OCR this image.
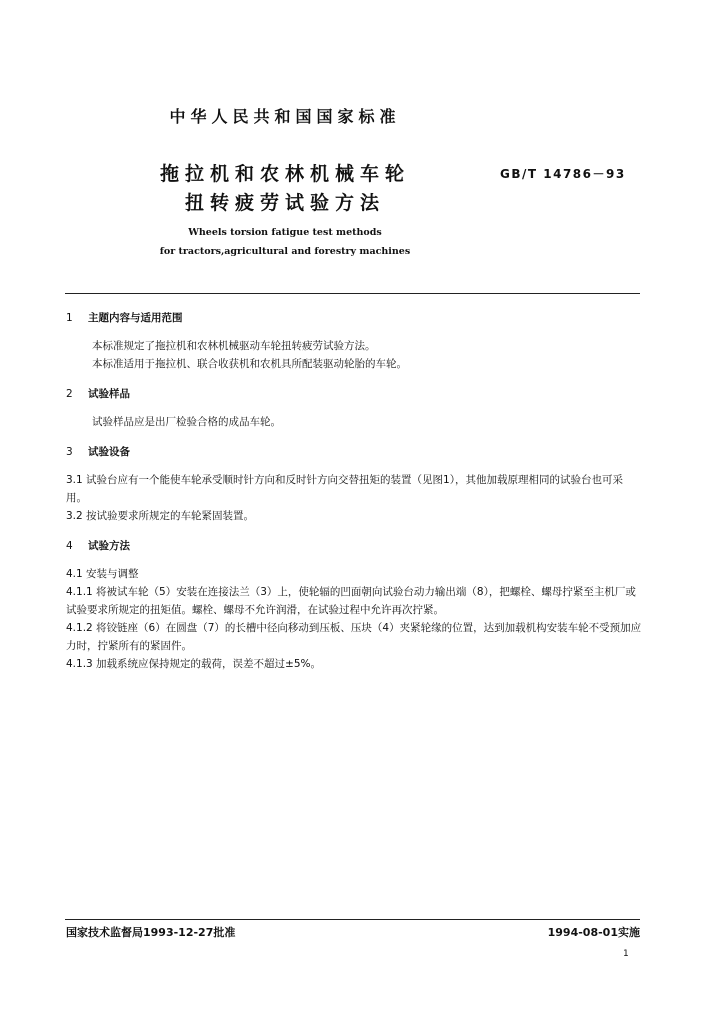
中华人民共和国国家标准
拖拉机和农林机械车轮
扭转疲劳试验方法
GB/T 14786－93
Wheels torsion fatigue test methods
for tractors,agricultural and forestry machines

1 主题内容与适用范围

本标准规定了拖拉机和农林机械驱动车轮扭转疲劳试验方法。

本标准适用于拖拉机、联合收获机和农机具所配装驱动轮胎的车轮。

2 试验样品

试验样品应是出厂检验合格的成品车轮。

3 试验设备

3.1 试验台应有一个能使车轮承受顺时针方向和反时针方向交替扭矩的装置（见图1），其他加载原理相同的试验台也可采用。

3.2 按试验要求所规定的车轮紧固装置。

4 试验方法

4.1 安装与调整

4.1.1 将被试车轮（5）安装在连接法兰（3）上，使轮辐的凹面朝向试验台动力输出端（8），把螺栓、螺母拧紧至主机厂或试验要求所规定的扭矩值。螺栓、螺母不允许润滑，在试验过程中允许再次拧紧。

4.1.2 将铰链座（6）在圆盘（7）的长槽中径向移动到压板、压块（4）夹紧轮缘的位置，达到加载机构安装车轮不受预加应力时，拧紧所有的紧固件。

4.1.3 加载系统应保持规定的载荷，误差不超过±5%。

国家技术监督局1993-12-27批准	1994-08-01实施
1
